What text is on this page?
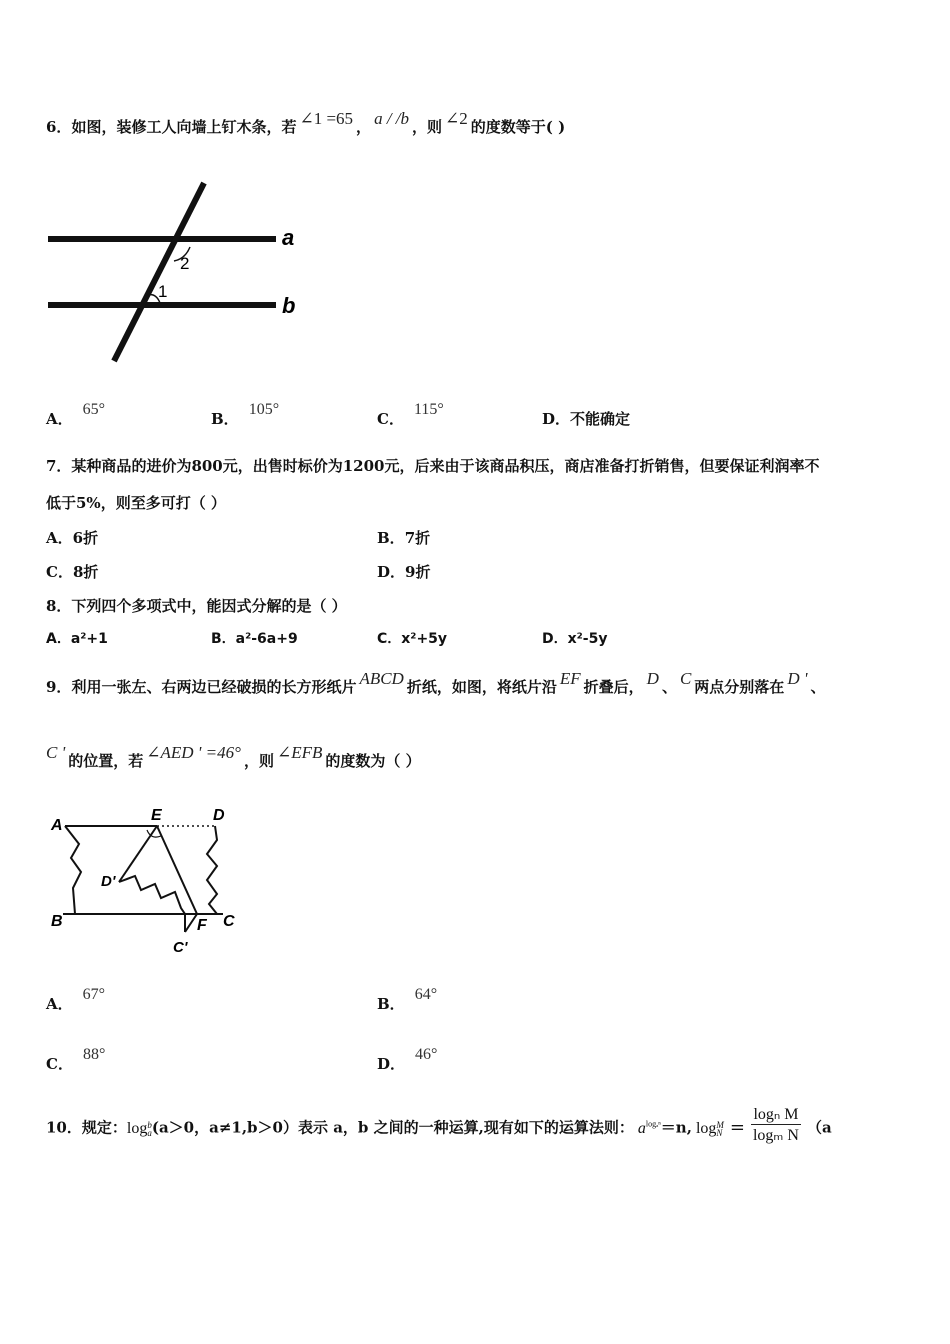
6．如图，装修工人向墙上钉木条，若 ∠1 =65 ， a / /b ，则 ∠2 的度数等于( )
a
b
2
1
A．65°
B．105°
C．115°
D．不能确定
7．某种商品的进价为800元，出售时标价为1200元，后来由于该商品积压，商店准备打折销售，但要保证利润率不
低于5%，则至多可打（ ）
A．6折	B．7折
C．8折	D．9折
8．下列四个多项式中，能因式分解的是（ ）
A．a²+1	B．a²-6a+9	C．x²+5y	D．x²-5y
9．利用一张左、右两边已经破损的长方形纸片 ABCD 折纸，如图，将纸片沿 EF 折叠后， D 、 C 两点分别落在 D ' 、
C ' 的位置，若 ∠AED ' =46° ，则 ∠EFB 的度数为（ ）
A
B	C
D
E
F
D'
C'
A．67°
B．64°
C．88°
D．46°
10．规定：log b
a (a＞0，a≠1,b＞0）表示 a，b 之间的一种运算,现有如下的运算法则： $a^{log_a^n}=n$, log M
$N = \frac{\text{logₙ M}}{\text{logₘ N}} (a$
